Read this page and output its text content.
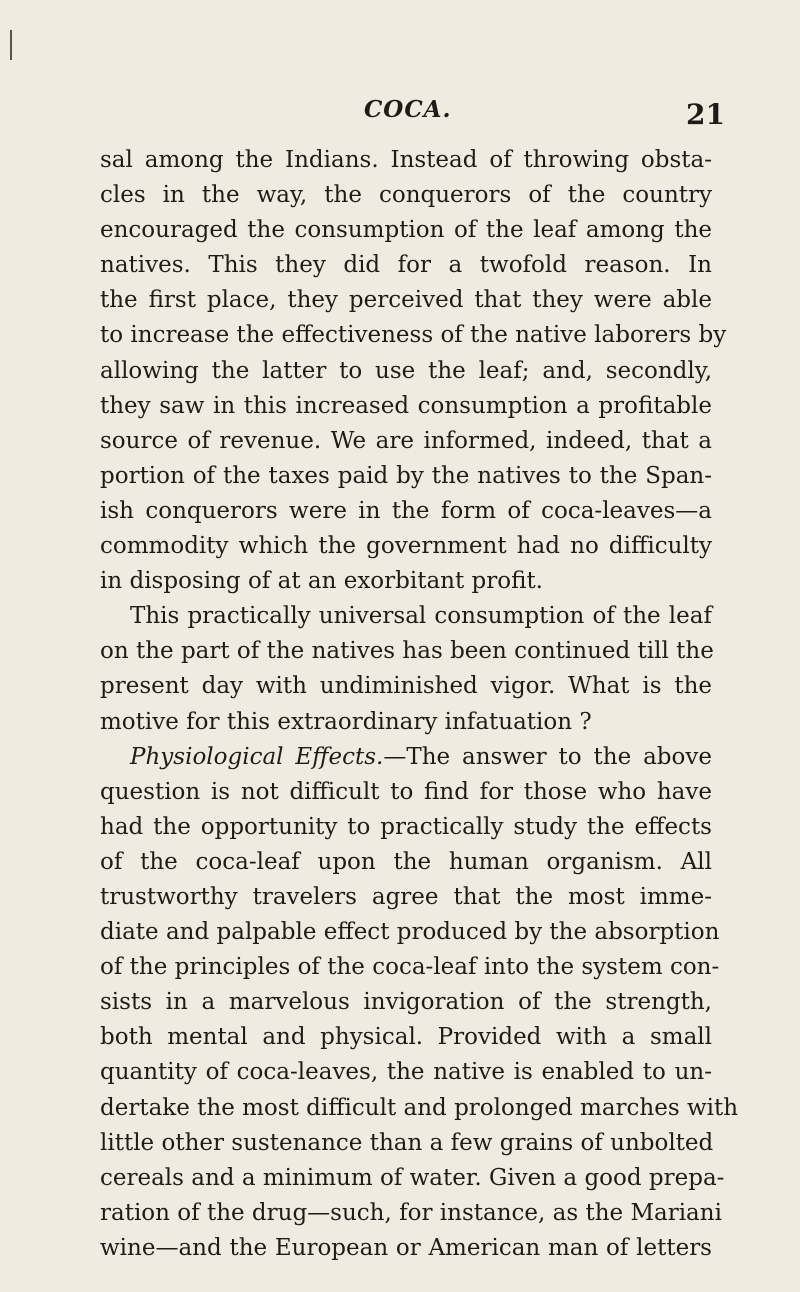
COCA.	21
sal among the Indians. Instead of throwing obsta-
cles in the way, the conquerors of the country
encouraged the consumption of the leaf among the
natives. This they did for a twofold reason. In
the first place, they perceived that they were able
to increase the effectiveness of the native laborers by
allowing the latter to use the leaf; and, secondly,
they saw in this increased consumption a profitable
source of revenue. We are informed, indeed, that a
portion of the taxes paid by the natives to the Span-
ish conquerors were in the form of coca-leaves—a
commodity which the government had no difficulty
in disposing of at an exorbitant profit.
This practically universal consumption of the leaf
on the part of the natives has been continued till the
present day with undiminished vigor. What is the
motive for this extraordinary infatuation ?
Physiological Effects.—The answer to the above
question is not difficult to find for those who have
had the opportunity to practically study the effects
of the coca-leaf upon the human organism. All
trustworthy travelers agree that the most imme-
diate and palpable effect produced by the absorption
of the principles of the coca-leaf into the system con-
sists in a marvelous invigoration of the strength,
both mental and physical. Provided with a small
quantity of coca-leaves, the native is enabled to un-
dertake the most difficult and prolonged marches with
little other sustenance than a few grains of unbolted
cereals and a minimum of water. Given a good prepa-
ration of the drug—such, for instance, as the Mariani
wine—and the European or American man of letters
